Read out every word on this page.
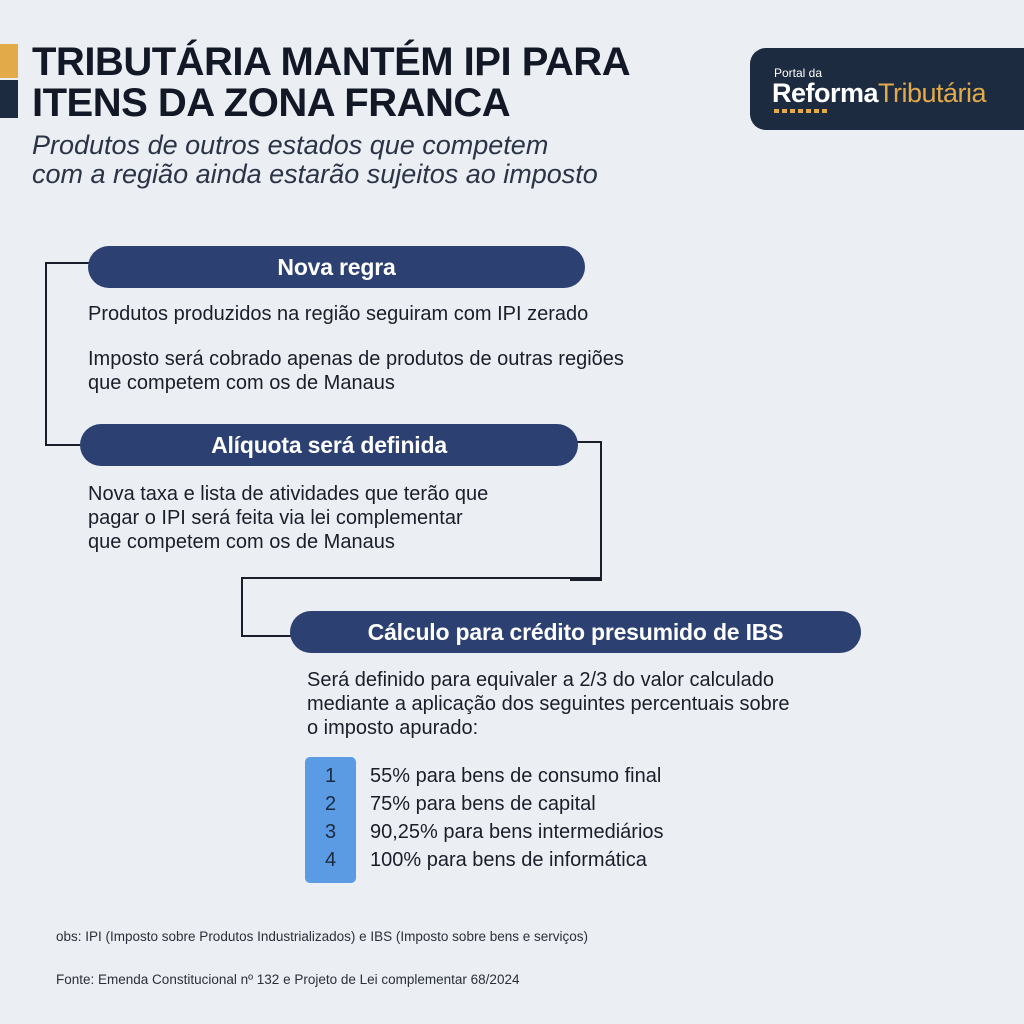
TRIBUTÁRIA MANTÉM IPI PARA
ITENS DA ZONA FRANCA
Produtos de outros estados que competem
com a região ainda estarão sujeitos ao imposto
Portal da
ReformaTributária
Nova regra
Produtos produzidos na região seguiram com IPI zerado
Imposto será cobrado apenas de produtos de outras regiões
que competem com os de Manaus
Alíquota será definida
Nova taxa e lista de atividades que terão que
pagar o IPI será feita via lei complementar
que competem com os de Manaus
Cálculo para crédito presumido de IBS
Será definido para equivaler a 2/3 do valor calculado
mediante a aplicação dos seguintes percentuais sobre
o imposto apurado:
1
2
3
4
55% para bens de consumo final
75% para bens de capital
90,25% para bens intermediários
100% para bens de informática
obs: IPI (Imposto sobre Produtos Industrializados) e IBS (Imposto sobre bens e serviços)
Fonte: Emenda Constitucional nº 132 e Projeto de Lei complementar 68/2024
